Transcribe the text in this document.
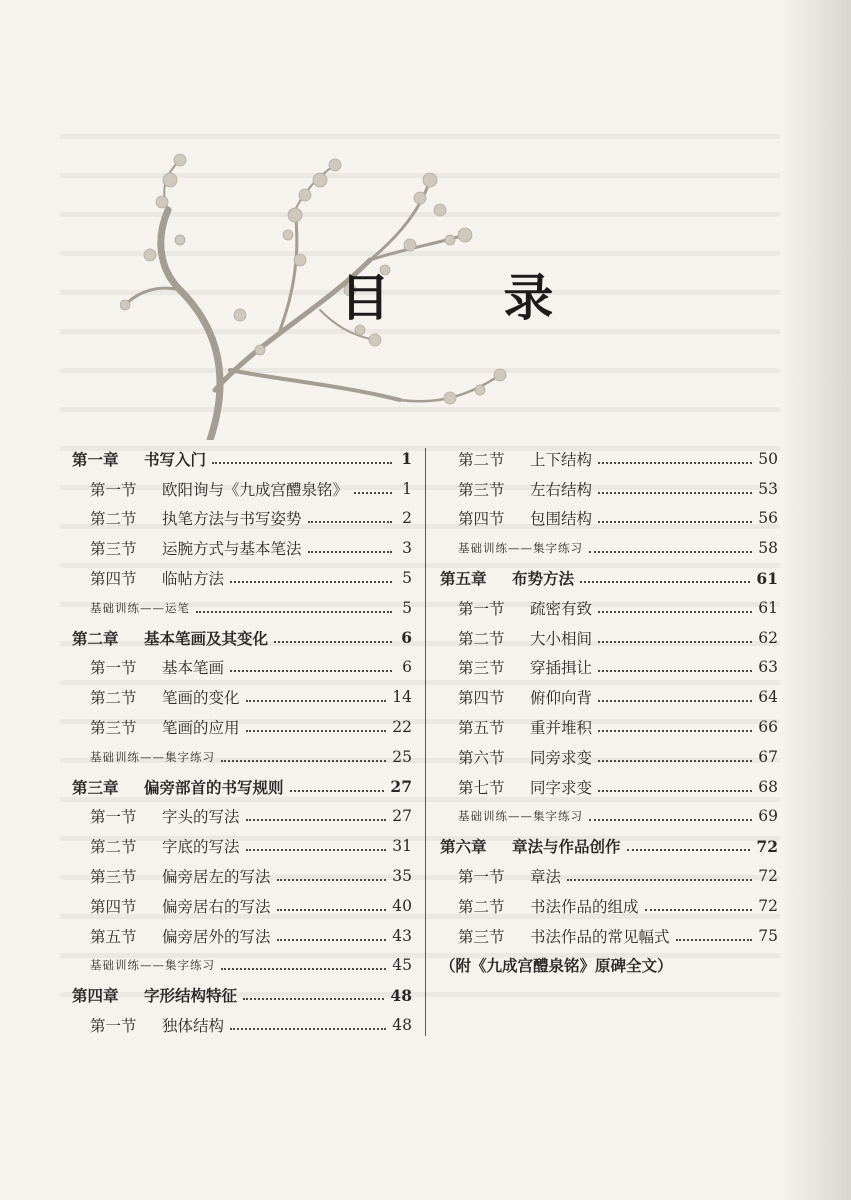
目 录
第一章	书写入门	1
第一节	欧阳询与《九成宫醴泉铭》	1
第二节	执笔方法与书写姿势	2
第三节	运腕方式与基本笔法	3
第四节	临帖方法	5
基础训练——运笔	5
第二章	基本笔画及其变化	6
第一节	基本笔画	6
第二节	笔画的变化	14
第三节	笔画的应用	22
基础训练——集字练习	25
第三章	偏旁部首的书写规则	27
第一节	字头的写法	27
第二节	字底的写法	31
第三节	偏旁居左的写法	35
第四节	偏旁居右的写法	40
第五节	偏旁居外的写法	43
基础训练——集字练习	45
第四章	字形结构特征	48
第一节	独体结构	48
第二节	上下结构	50
第三节	左右结构	53
第四节	包围结构	56
基础训练——集字练习	58
第五章	布势方法	61
第一节	疏密有致	61
第二节	大小相间	62
第三节	穿插揖让	63
第四节	俯仰向背	64
第五节	重并堆积	66
第六节	同旁求变	67
第七节	同字求变	68
基础训练——集字练习	69
第六章	章法与作品创作	72
第一节	章法	72
第二节	书法作品的组成	72
第三节	书法作品的常见幅式	75
（附《九成宫醴泉铭》原碑全文）
